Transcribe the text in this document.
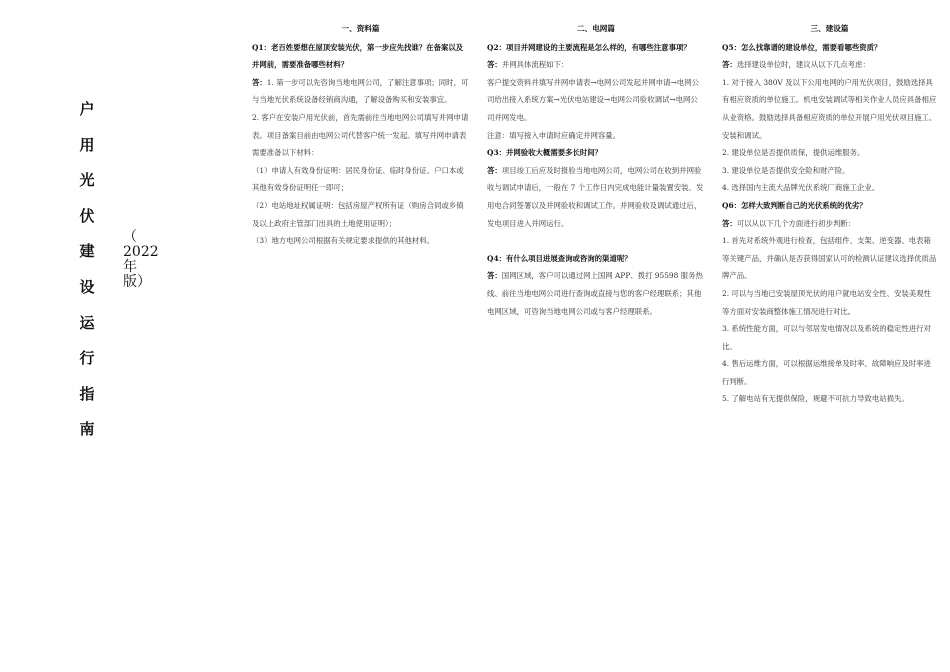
户
用
光
伏
建
设
运
行
指
南
（
2022
年
版）
一、资料篇

Q1：老百姓要想在屋顶安装光伏，第一步应先找谁？在备案以及并网前，需要准备哪些材料？

答：1. 第一步可以先咨询当地电网公司，了解注意事项；同时，可与当地光伏系统设备经销商沟通，了解设备购买和安装事宜。

2. 客户在安装户用光伏前，首先需前往当地电网公司填写并网申请表。项目备案目前由电网公司代替客户统一发起。填写并网申请表需要准备以下材料：

（1）申请人有效身份证明：居民身份证、临时身份证、户口本或其他有效身份证明任一即可；

（2）电站地址权属证明：包括房屋产权所有证（购房合同或乡镇及以上政府主管部门出具的土地使用证明）；

（3）地方电网公司根据有关规定要求提供的其他材料。

二、电网篇

Q2：项目并网建设的主要流程是怎么样的，有哪些注意事项？

答：并网具体流程如下：

客户提交资料并填写并网申请表→电网公司发起并网申请→电网公司给出接入系统方案→光伏电站建设→电网公司验收调试→电网公司并网发电。

注意：填写接入申请时应确定并网容量。

Q3：并网验收大概需要多长时间？

答：项目竣工后应及时报验当地电网公司，电网公司在收到并网验收与调试申请后，一般在 7 个工作日内完成电能计量装置安装、发用电合同签署以及并网验收和调试工作。并网验收及调试通过后，发电项目进入并网运行。

Q4：有什么项目进展查询或咨询的渠道呢？

答：国网区域，客户可以通过网上国网 APP、拨打 95598 服务热线、前往当地电网公司进行查询或直接与您的客户经理联系；其他电网区域，可咨询当地电网公司或与客户经理联系。

三、建设篇

Q5：怎么找靠谱的建设单位，需要看哪些资质？

答：选择建设单位时，建议从以下几点考虑：

1. 对于接入 380V 及以下公用电网的户用光伏项目，鼓励选择具有相应资质的单位施工。机电安装调试等相关作业人员应具备相应从业资格。鼓励选择具备相应资质的单位开展户用光伏项目施工、安装和调试。

2. 建设单位是否提供质保，提供运维服务。

3. 建设单位是否提供安全险和财产险。

4. 选择国内主流大品牌光伏系统厂商施工企业。

Q6：怎样大致判断自己的光伏系统的优劣？

答：可以从以下几个方面进行初步判断：

1. 首先对系统外观进行检查，包括组件、支架、逆变器、电表箱等关键产品，并确认是否获得国家认可的检测认证建议选择优质品牌产品。

2. 可以与当地已安装屋顶光伏的用户就电站安全性、安装美观性等方面对安装商整体施工情况进行对比。

3. 系统性能方面，可以与邻居发电情况以及系统的稳定性进行对比。

4. 售后运维方面，可以根据运维接单及时率、故障响应及时率进行判断。

5. 了解电站有无提供保险，规避不可抗力导致电站损失。
